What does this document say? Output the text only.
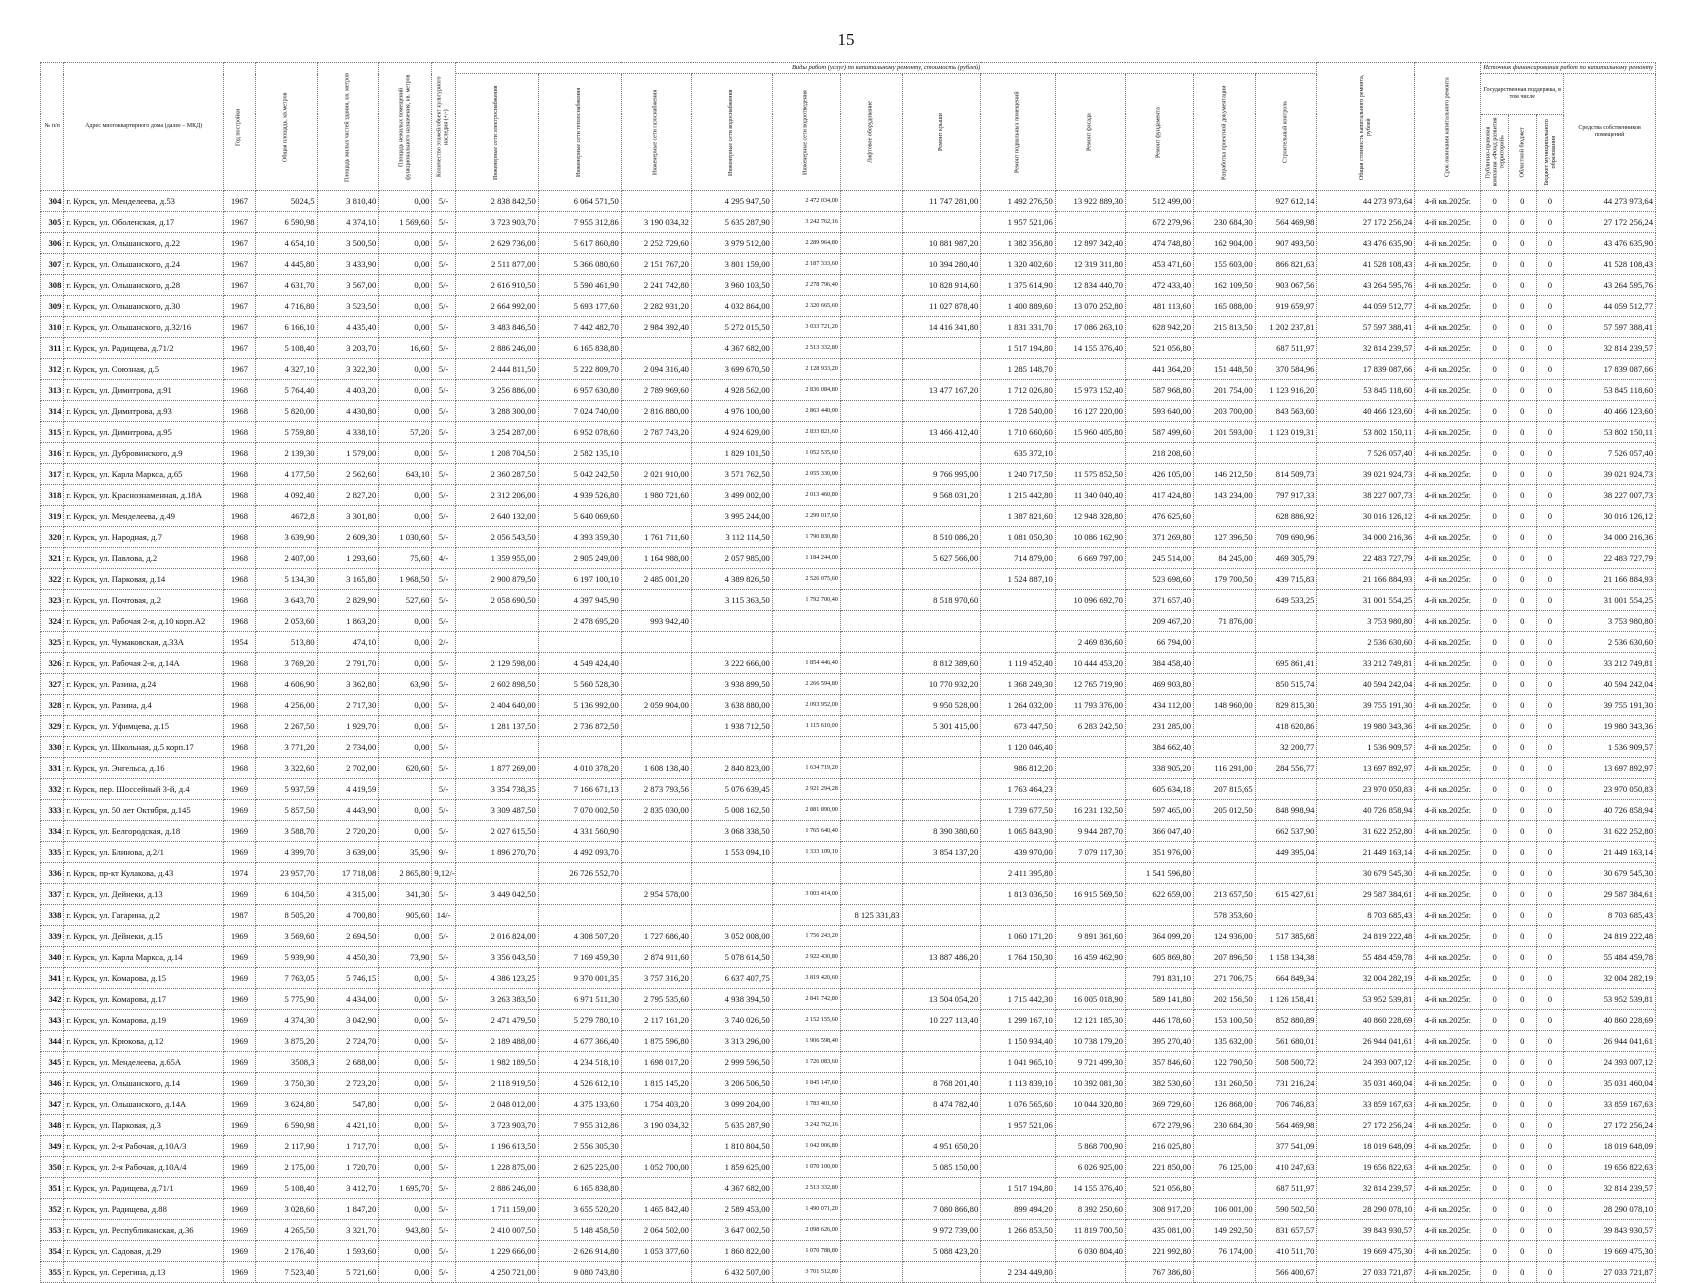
15
№ п/п	Адрес многоквартирного дома (далее – МКД)	Год постройки	Общая площадь, кв.метров	Площадь жилых частей здания, кв. метров	Площадь нежилых помещений функционального назначения, кв. метров	Количество этажей/объект культурного наследия (+/-)	Виды работ (услуг) по капитальному ремонту, стоимость (рублей)												Общая стоимость капитального ремонта, рублей	Срок окончания капитального ремонта	Источник финансирования работ по капитальному ремонту			
							Инженерные сети электроснабжения	Инженерные сети теплоснабжения	Инженерные сети газоснабжения	Инженерные сети водоснабжения	Инженерные сети водоотведения	Лифтовое оборудование	Ремонт крыши	Ремонт подвальных помещений	Ремонт фасада	Ремонт фундамента	Разработка проектной документации	Строительный контроль			Государственная поддержка, в том числе			Средства собственников помещений
																					Публично-правовая компания «Фонд развития территорий»	Областной бюджет	Бюджет муниципального образования	
304	г. Курск, ул. Менделеева, д.53	1967	5024,5	3 810,40	0,00	5/-	2 838 842,50	6 064 571,50		4 295 947,50	2 472 034,00		11 747 281,00	1 492 276,50	13 922 889,30	512 499,00		927 612,14	44 273 973,64	4-й кв.2025г.	0	0	0	44 273 973,64
305	г. Курск, ул. Оболенская, д.17	1967	6 590,98	4 374,10	1 569,60	5/-	3 723 903,70	7 955 312,86	3 190 034,32	5 635 287,90	3 242 762,16			1 957 521,06		672 279,96	230 684,30	564 469,98	27 172 256,24	4-й кв.2025г.	0	0	0	27 172 256,24
306	г. Курск, ул. Ольшанского, д.22	1967	4 654,10	3 500,50	0,00	5/-	2 629 736,00	5 617 860,80	2 252 729,60	3 979 512,00	2 289 964,80		10 881 987,20	1 382 356,80	12 897 342,40	474 748,80	162 904,00	907 493,50	43 476 635,90	4-й кв.2025г.	0	0	0	43 476 635,90
307	г. Курск, ул. Ольшанского, д.24	1967	4 445,80	3 433,90	0,00	5/-	2 511 877,00	5 366 080,60	2 151 767,20	3 801 159,00	2 187 333,60		10 394 280,40	1 320 402,60	12 319 311,80	453 471,60	155 603,00	866 821,63	41 528 108,43	4-й кв.2025г.	0	0	0	41 528 108,43
308	г. Курск, ул. Ольшанского, д.28	1967	4 631,70	3 567,00	0,00	5/-	2 616 910,50	5 590 461,90	2 241 742,80	3 960 103,50	2 278 796,40		10 828 914,60	1 375 614,90	12 834 440,70	472 433,40	162 109,50	903 067,56	43 264 595,76	4-й кв.2025г.	0	0	0	43 264 595,76
309	г. Курск, ул. Ольшанского, д.30	1967	4 716,80	3 523,50	0,00	5/-	2 664 992,00	5 693 177,60	2 282 931,20	4 032 864,00	2 320 665,60		11 027 878,40	1 400 889,60	13 070 252,80	481 113,60	165 088,00	919 659,97	44 059 512,77	4-й кв.2025г.	0	0	0	44 059 512,77
310	г. Курск, ул. Ольшанского, д.32/16	1967	6 166,10	4 435,40	0,00	5/-	3 483 846,50	7 442 482,70	2 984 392,40	5 272 015,50	3 033 721,20		14 416 341,80	1 831 331,70	17 086 263,10	628 942,20	215 813,50	1 202 237,81	57 597 388,41	4-й кв.2025г.	0	0	0	57 597 388,41
311	г. Курск, ул. Радищева, д.71/2	1967	5 108,40	3 203,70	16,60	5/-	2 886 246,00	6 165 838,80		4 367 682,00	2 513 332,80			1 517 194,80	14 155 376,40	521 056,80		687 511,97	32 814 239,57	4-й кв.2025г.	0	0	0	32 814 239,57
312	г. Курск, ул. Союзная, д.5	1967	4 327,10	3 322,30	0,00	5/-	2 444 811,50	5 222 809,70	2 094 316,40	3 699 670,50	2 128 933,20			1 285 148,70		441 364,20	151 448,50	370 584,96	17 839 087,66	4-й кв.2025г.	0	0	0	17 839 087,66
313	г. Курск, ул. Димитрова, д.91	1968	5 764,40	4 403,20	0,00	5/-	3 256 886,00	6 957 630,80	2 789 969,60	4 928 562,00	2 836 084,80		13 477 167,20	1 712 026,80	15 973 152,40	587 968,80	201 754,00	1 123 916,20	53 845 118,60	4-й кв.2025г.	0	0	0	53 845 118,60
314	г. Курск, ул. Димитрова, д.93	1968	5 820,00	4 430,80	0,00	5/-	3 288 300,00	7 024 740,00	2 816 880,00	4 976 100,00	2 863 440,00			1 728 540,00	16 127 220,00	593 640,00	203 700,00	843 563,60	40 466 123,60	4-й кв.2025г.	0	0	0	40 466 123,60
315	г. Курск, ул. Димитрова, д.95	1968	5 759,80	4 338,10	57,20	5/-	3 254 287,00	6 952 078,60	2 787 743,20	4 924 629,00	2 833 821,60		13 466 412,40	1 710 660,60	15 960 405,80	587 499,60	201 593,00	1 123 019,31	53 802 150,11	4-й кв.2025г.	0	0	0	53 802 150,11
316	г. Курск, ул. Дубровинского, д.9	1968	2 139,30	1 579,00	0,00	5/-	1 208 704,50	2 582 135,10		1 829 101,50	1 052 535,60			635 372,10		218 208,60			7 526 057,40	4-й кв.2025г.	0	0	0	7 526 057,40
317	г. Курск, ул. Карла Маркса, д.65	1968	4 177,50	2 562,60	643,10	5/-	2 360 287,50	5 042 242,50	2 021 910,00	3 571 762,50	2 055 330,00		9 766 995,00	1 240 717,50	11 575 852,50	426 105,00	146 212,50	814 509,73	39 021 924,73	4-й кв.2025г.	0	0	0	39 021 924,73
318	г. Курск, ул. Краснознаменная, д.18А	1968	4 092,40	2 827,20	0,00	5/-	2 312 206,00	4 939 526,80	1 980 721,60	3 499 002,00	2 013 460,80		9 568 031,20	1 215 442,80	11 340 040,40	417 424,80	143 234,00	797 917,33	38 227 007,73	4-й кв.2025г.	0	0	0	38 227 007,73
319	г. Курск, ул. Менделеева, д.49	1968	4672,8	3 301,80	0,00	5/-	2 640 132,00	5 640 069,60		3 995 244,00	2 299 017,60			1 387 821,60	12 948 328,80	476 625,60		628 886,92	30 016 126,12	4-й кв.2025г.	0	0	0	30 016 126,12
320	г. Курск, ул. Народная, д.7	1968	3 639,90	2 609,30	1 030,60	5/-	2 056 543,50	4 393 359,30	1 761 711,60	3 112 114,50	1 790 830,80		8 510 086,20	1 081 050,30	10 086 162,90	371 269,80	127 396,50	709 690,96	34 000 216,36	4-й кв.2025г.	0	0	0	34 000 216,36
321	г. Курск, ул. Павлова, д.2	1968	2 407,00	1 293,60	75,60	4/-	1 359 955,00	2 905 249,00	1 164 988,00	2 057 985,00	1 184 244,00		5 627 566,00	714 879,00	6 669 797,00	245 514,00	84 245,00	469 305,79	22 483 727,79	4-й кв.2025г.	0	0	0	22 483 727,79
322	г. Курск, ул. Парковая, д.14	1968	5 134,30	3 165,80	1 968,50	5/-	2 900 879,50	6 197 100,10	2 485 001,20	4 389 826,50	2 526 075,60			1 524 887,10		523 698,60	179 700,50	439 715,83	21 166 884,93	4-й кв.2025г.	0	0	0	21 166 884,93
323	г. Курск, ул. Почтовая, д.2	1968	3 643,70	2 829,90	527,60	5/-	2 058 690,50	4 397 945,90		3 115 363,50	1 792 700,40		8 518 970,60		10 096 692,70	371 657,40		649 533,25	31 001 554,25	4-й кв.2025г.	0	0	0	31 001 554,25
324	г. Курск, ул. Рабочая 2-я, д.10 корп.А2	1968	2 053,60	1 863,20	0,00	5/-		2 478 695,20	993 942,40							209 467,20	71 876,00		3 753 980,80	4-й кв.2025г.	0	0	0	3 753 980,80
325	г. Курск, ул. Чумаковская, д.33А	1954	513,80	474,10	0,00	2/-									2 469 836,60	66 794,00			2 536 630,60	4-й кв.2025г.	0	0	0	2 536 630,60
326	г. Курск, ул. Рабочая 2-я, д.14А	1968	3 769,20	2 791,70	0,00	5/-	2 129 598,00	4 549 424,40		3 222 666,00	1 854 446,40		8 812 389,60	1 119 452,40	10 444 453,20	384 458,40		695 861,41	33 212 749,81	4-й кв.2025г.	0	0	0	33 212 749,81
327	г. Курск, ул. Разина, д.24	1968	4 606,90	3 362,80	63,90	5/-	2 602 898,50	5 560 528,30		3 938 899,50	2 266 594,80		10 770 932,20	1 368 249,30	12 765 719,90	469 903,80		850 515,74	40 594 242,04	4-й кв.2025г.	0	0	0	40 594 242,04
328	г. Курск, ул. Разина, д.4	1968	4 256,00	2 717,30	0,00	5/-	2 404 640,00	5 136 992,00	2 059 904,00	3 638 880,00	2 093 952,00		9 950 528,00	1 264 032,00	11 793 376,00	434 112,00	148 960,00	829 815,30	39 755 191,30	4-й кв.2025г.	0	0	0	39 755 191,30
329	г. Курск, ул. Уфимцева, д.15	1968	2 267,50	1 929,70	0,00	5/-	1 281 137,50	2 736 872,50		1 938 712,50	1 115 610,00		5 301 415,00	673 447,50	6 283 242,50	231 285,00		418 620,86	19 980 343,36	4-й кв.2025г.	0	0	0	19 980 343,36
330	г. Курск, ул. Школьная, д.5 корп.17	1968	3 771,20	2 734,00	0,00	5/-								1 120 046,40		384 662,40		32 200,77	1 536 909,57	4-й кв.2025г.	0	0	0	1 536 909,57
331	г. Курск, ул. Энгельса, д.16	1968	3 322,60	2 702,00	620,60	5/-	1 877 269,00	4 010 378,20	1 608 138,40	2 840 823,00	1 634 719,20			986 812,20		338 905,20	116 291,00	284 556,77	13 697 892,97	4-й кв.2025г.	0	0	0	13 697 892,97
332	г. Курск, пер. Шоссейный 3-й, д.4	1969	5 937,59	4 419,59		5/-	3 354 738,35	7 166 671,13	2 873 793,56	5 076 639,45	2 921 294,28			1 763 464,23		605 634,18	207 815,65		23 970 050,83	4-й кв.2025г.	0	0	0	23 970 050,83
333	г. Курск, ул. 50 лет Октября, д.145	1969	5 857,50	4 443,90	0,00	5/-	3 309 487,50	7 070 002,50	2 835 030,00	5 008 162,50	2 881 890,00			1 739 677,50	16 231 132,50	597 465,00	205 012,50	848 998,94	40 726 858,94	4-й кв.2025г.	0	0	0	40 726 858,94
334	г. Курск, ул. Белгородская, д.18	1969	3 588,70	2 720,20	0,00	5/-	2 027 615,50	4 331 560,90		3 068 338,50	1 765 640,40		8 390 380,60	1 065 843,90	9 944 287,70	366 047,40		662 537,90	31 622 252,80	4-й кв.2025г.	0	0	0	31 622 252,80
335	г. Курск, ул. Блинова, д.2/1	1969	4 399,70	3 639,00	35,90	9/-	1 896 270,70	4 492 093,70		1 553 094,10	1 333 109,10		3 854 137,20	439 970,00	7 079 117,30	351 976,00		449 395,04	21 449 163,14	4-й кв.2025г.	0	0	0	21 449 163,14
336	г. Курск, пр-кт Кулакова, д.43	1974	23 957,70	17 718,08	2 865,80	9,12/-		26 726 552,70						2 411 395,80		1 541 596,80			30 679 545,30	4-й кв.2025г.	0	0	0	30 679 545,30
337	г. Курск, ул. Дейнеки, д.13	1969	6 104,50	4 315,00	341,30	5/-	3 449 042,50		2 954 578,00		3 003 414,00			1 813 036,50	16 915 569,50	622 659,00	213 657,50	615 427,61	29 587 384,61	4-й кв.2025г.	0	0	0	29 587 384,61
338	г. Курск, ул. Гагарина, д.2	1987	8 505,20	4 700,80	905,60	14/-						8 125 331,83					578 353,60		8 703 685,43	4-й кв.2025г.	0	0	0	8 703 685,43
339	г. Курск, ул. Дейнеки, д.15	1969	3 569,60	2 694,50	0,00	5/-	2 016 824,00	4 308 507,20	1 727 686,40	3 052 008,00	1 756 243,20			1 060 171,20	9 891 361,60	364 099,20	124 936,00	517 385,68	24 819 222,48	4-й кв.2025г.	0	0	0	24 819 222,48
340	г. Курск, ул. Карла Маркса, д.14	1969	5 939,90	4 450,30	73,90	5/-	3 356 043,50	7 169 459,30	2 874 911,60	5 078 614,50	2 922 430,80		13 887 486,20	1 764 150,30	16 459 462,90	605 869,80	207 896,50	1 158 134,38	55 484 459,78	4-й кв.2025г.	0	0	0	55 484 459,78
341	г. Курск, ул. Комарова, д.15	1969	7 763,05	5 746,15	0,00	5/-	4 386 123,25	9 370 001,35	3 757 316,20	6 637 407,75	3 819 420,60					791 831,10	271 706,75	664 849,34	32 004 282,19	4-й кв.2025г.	0	0	0	32 004 282,19
342	г. Курск, ул. Комарова, д.17	1969	5 775,90	4 434,00	0,00	5/-	3 263 383,50	6 971 511,30	2 795 535,60	4 938 394,50	2 841 742,80		13 504 054,20	1 715 442,30	16 005 018,90	589 141,80	202 156,50	1 126 158,41	53 952 539,81	4-й кв.2025г.	0	0	0	53 952 539,81
343	г. Курск, ул. Комарова, д.19	1969	4 374,30	3 042,90	0,00	5/-	2 471 479,50	5 279 780,10	2 117 161,20	3 740 026,50	2 152 155,60		10 227 113,40	1 299 167,10	12 121 185,30	446 178,60	153 100,50	852 880,89	40 860 228,69	4-й кв.2025г.	0	0	0	40 860 228,69
344	г. Курск, ул. Крюкова, д.12	1969	3 875,20	2 724,70	0,00	5/-	2 189 488,00	4 677 366,40	1 875 596,80	3 313 296,00	1 906 598,40			1 150 934,40	10 738 179,20	395 270,40	135 632,00	561 680,01	26 944 041,61	4-й кв.2025г.	0	0	0	26 944 041,61
345	г. Курск, ул. Менделеева, д.65А	1969	3508,3	2 688,00	0,00	5/-	1 982 189,50	4 234 518,10	1 698 017,20	2 999 596,50	1 726 083,60			1 041 965,10	9 721 499,30	357 846,60	122 790,50	508 500,72	24 393 007,12	4-й кв.2025г.	0	0	0	24 393 007,12
346	г. Курск, ул. Ольшанского, д.14	1969	3 750,30	2 723,20	0,00	5/-	2 118 919,50	4 526 612,10	1 815 145,20	3 206 506,50	1 845 147,60		8 768 201,40	1 113 839,10	10 392 081,30	382 530,60	131 260,50	731 216,24	35 031 460,04	4-й кв.2025г.	0	0	0	35 031 460,04
347	г. Курск, ул. Ольшанского, д.14А	1969	3 624,80	547,80	0,00	5/-	2 048 012,00	4 375 133,60	1 754 403,20	3 099 204,00	1 783 401,60		8 474 782,40	1 076 565,60	10 044 320,80	369 729,60	126 868,00	706 746,83	33 859 167,63	4-й кв.2025г.	0	0	0	33 859 167,63
348	г. Курск, ул. Парковая, д.3	1969	6 590,98	4 421,10	0,00	5/-	3 723 903,70	7 955 312,86	3 190 034,32	5 635 287,90	3 242 762,16			1 957 521,06		672 279,96	230 684,30	564 469,98	27 172 256,24	4-й кв.2025г.	0	0	0	27 172 256,24
349	г. Курск, ул. 2-я Рабочая, д.10А/3	1969	2 117,90	1 717,70	0,00	5/-	1 196 613,50	2 556 305,30		1 810 804,50	1 042 006,80		4 951 650,20		5 868 700,90	216 025,80		377 541,09	18 019 648,09	4-й кв.2025г.	0	0	0	18 019 648,09
350	г. Курск, ул. 2-я Рабочая, д.10А/4	1969	2 175,00	1 720,70	0,00	5/-	1 228 875,00	2 625 225,00	1 052 700,00	1 859 625,00	1 070 100,00		5 085 150,00		6 026 925,00	221 850,00	76 125,00	410 247,63	19 656 822,63	4-й кв.2025г.	0	0	0	19 656 822,63
351	г. Курск, ул. Радищева, д.71/1	1969	5 108,40	3 412,70	1 695,70	5/-	2 886 246,00	6 165 838,80		4 367 682,00	2 513 332,80			1 517 194,80	14 155 376,40	521 056,80		687 511,97	32 814 239,57	4-й кв.2025г.	0	0	0	32 814 239,57
352	г. Курск, ул. Радищева, д.88	1969	3 028,60	1 847,20	0,00	5/-	1 711 159,00	3 655 520,20	1 465 842,40	2 589 453,00	1 490 071,20		7 080 866,80	899 494,20	8 392 250,60	308 917,20	106 001,00	590 502,50	28 290 078,10	4-й кв.2025г.	0	0	0	28 290 078,10
353	г. Курск, ул. Республиканская, д.36	1969	4 265,50	3 321,70	943,80	5/-	2 410 007,50	5 148 458,50	2 064 502,00	3 647 002,50	2 098 626,00		9 972 739,00	1 266 853,50	11 819 700,50	435 081,00	149 292,50	831 657,57	39 843 930,57	4-й кв.2025г.	0	0	0	39 843 930,57
354	г. Курск, ул. Садовая, д.29	1969	2 176,40	1 593,60	0,00	5/-	1 229 666,00	2 626 914,80	1 053 377,60	1 860 822,00	1 070 788,80		5 088 423,20		6 030 804,40	221 992,80	76 174,00	410 511,70	19 669 475,30	4-й кв.2025г.	0	0	0	19 669 475,30
355	г. Курск, ул. Серегина, д.13	1969	7 523,40	5 721,60	0,00	5/-	4 250 721,00	9 080 743,80		6 432 507,00	3 701 512,80			2 234 449,80		767 386,80		566 400,67	27 033 721,87	4-й кв.2025г.	0	0	0	27 033 721,87
